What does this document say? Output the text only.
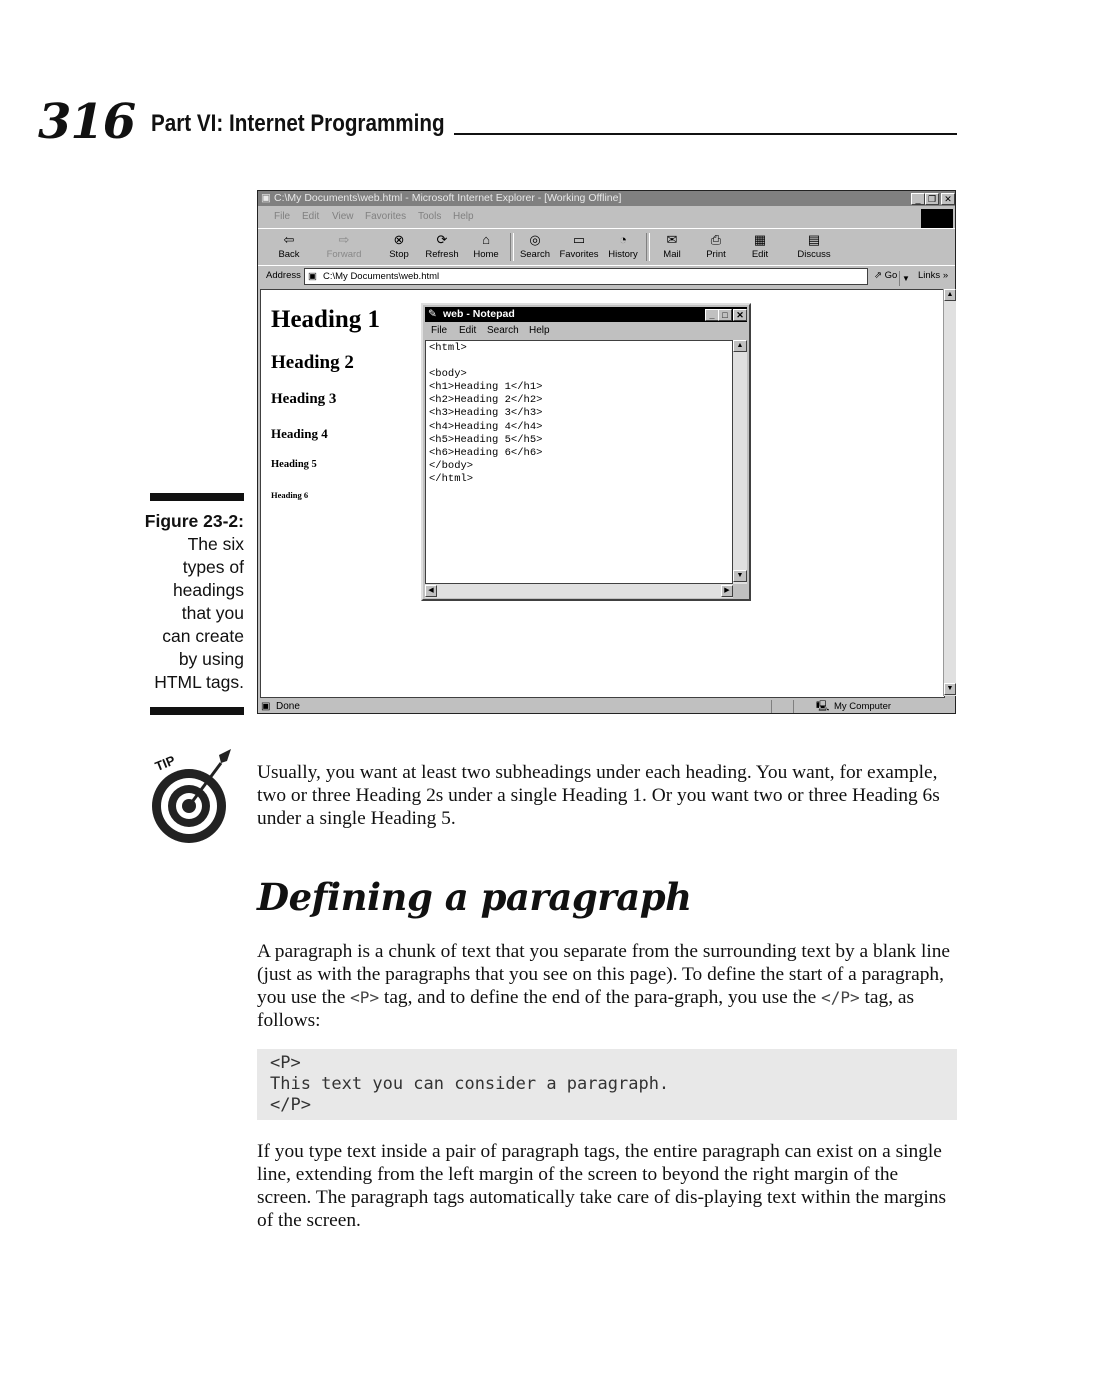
316 Part VI: Internet Programming
Figure 23-2:
The six
types of
headings
that you
can create
by using
HTML tags.
▣ C:\My Documents\web.html - Microsoft Internet Explorer - [Working Offline]	_ ❐ ✕
File Edit View Favorites Tools Help
⇦
Back
⇨
Forward
⊗
Stop
⟳
Refresh
⌂
Home
◎
Search
▭
Favorites
◔
History
✉
Mail
⎙
Print
▦
Edit
▤
Discuss
Address ▣ C:\My Documents\web.html	▼
⇗ Go Links »
Heading 1
Heading 2
Heading 3
Heading 4
Heading 5
Heading 6
✎ web - Notepad	_ □ ✕
File Edit Search Help
<html>

<body>
<h1>Heading 1</h1>
<h2>Heading 2</h2>
<h3>Heading 3</h3>
<h4>Heading 4</h4>
<h5>Heading 5</h5>
<h6>Heading 6</h6>
</body>
</html>
▲
▼
◀	▶
▲
▼
▣ Done	🖳 My Computer
TIP	Usually, you want at least two subheadings under each heading. You want, for example, two or three Heading 2s under a single Heading 1. Or you want two or three Heading 6s under a single Heading 5.
Defining a paragraph
A paragraph is a chunk of text that you separate from the surrounding text by a blank line (just as with the paragraphs that you see on this page). To define the start of a paragraph, you use the <P> tag, and to define the end of the para-graph, you use the </P> tag, as follows:
<P>
This text you can consider a paragraph.
</P>
If you type text inside a pair of paragraph tags, the entire paragraph can exist on a single line, extending from the left margin of the screen to beyond the right margin of the screen. The paragraph tags automatically take care of dis-playing text within the margins of the screen.
